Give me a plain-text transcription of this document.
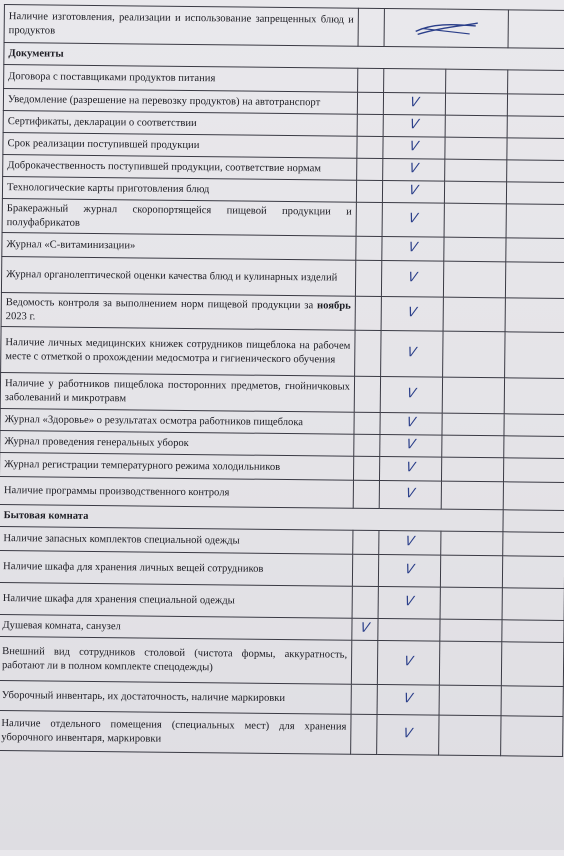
Наличие изготовления, реализации и использование запрещенных блюд и продуктов		

Документы				
Договора с поставщиками продуктов питания				
Уведомление (разрешение на перевозку продуктов) на автотранспорт		V		
Сертификаты, декларации о соответствии		V		
Срок реализации поступившей продукции		V		
Доброкачественность поступившей продукции, соответствие нормам		V		
Технологические карты приготовления блюд		V		
Бракеражный журнал скоропортящейся пищевой продукции и полуфабрикатов		V		
Журнал «С-витаминизации»		V		
Журнал органолептической оценки качества блюд и кулинарных изделий		V		
Ведомость контроля за выполнением норм пищевой продукции за ноябрь 2023 г.		V		
Наличие личных медицинских книжек сотрудников пищеблока на рабочем месте с отметкой о прохождении медосмотра и гигиенического обучения		V		
Наличие у работников пищеблока посторонних предметов, гнойничковых заболеваний и микротравм		V		
Журнал «Здоровье» о результатах осмотра работников пищеблока		V		
Журнал проведения генеральных уборок		V		
Журнал регистрации температурного режима холодильников		V		
Наличие программы производственного контроля		V		
Бытовая комната				
Наличие запасных комплектов специальной одежды		V		
Наличие шкафа для хранения личных вещей сотрудников		V		
Наличие шкафа для хранения специальной одежды		V		
Душевая комната, санузел	V			
Внешний вид сотрудников столовой (чистота формы, аккуратность, работают ли в полном комплекте спецодежды)		V		
Уборочный инвентарь, их достаточность, наличие маркировки		V		
Наличие отдельного помещения (специальных мест) для хранения уборочного инвентаря, маркировки		V		
